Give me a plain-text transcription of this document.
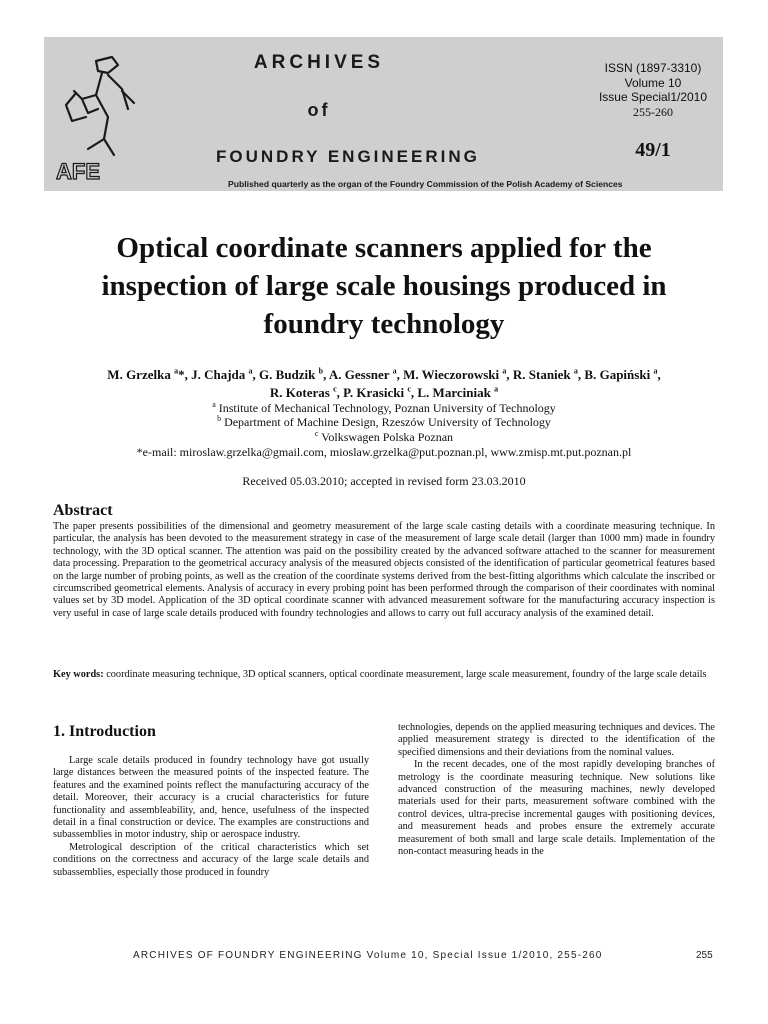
AFE
ARCHIVES
of
FOUNDRY ENGINEERING
Published quarterly as the organ of the Foundry Commission of the Polish Academy of Sciences
ISSN (1897-3310)
Volume 10
Issue Special1/2010
255-260
49/1
Optical coordinate scanners applied for the inspection of large scale housings produced in foundry technology
M. Grzelka $^a$*, J. Chajda $^a$, G. Budzik $^b$, A. Gessner $^a$, M. Wieczorowski $^a$, R. Staniek $^a$, B. Gapiński $^a$,
R. Koteras $^c$, P. Krasicki $^c$, L. Marciniak $^a$
$^a$ Institute of Mechanical Technology, Poznan University of Technology
$^b$ Department of Machine Design, Rzeszów University of Technology
$^c$ Volkswagen Polska Poznan
*e-mail: miroslaw.grzelka@gmail.com, mioslaw.grzelka@put.poznan.pl, www.zmisp.mt.put.poznan.pl
Received 05.03.2010; accepted in revised form 23.03.2010
Abstract

The paper presents possibilities of the dimensional and geometry measurement of the large scale casting details with a coordinate measuring technique. In particular, the analysis has been devoted to the measurement strategy in case of the measurement of large scale detail (larger than 1000 mm) made in foundry technology, with the 3D optical scanner. The attention was paid on the possibility created by the advanced software attached to the scanner for measurement data processing. Preparation to the geometrical accuracy analysis of the measured objects consisted of the identification of particular geometrical features based on the large number of probing points, as well as the creation of the coordinate systems derived from the best-fitting algorithms which calculate the inscribed or circumscribed geometrical elements. Analysis of accuracy in every probing point has been performed through the comparison of their coordinates with nominal values set by 3D model. Application of the 3D optical coordinate scanner with advanced measurement software for the manufacturing accuracy inspection is very useful in case of large scale details produced with foundry technologies and allows to carry out full accuracy analysis of the examined detail.

Key words: coordinate measuring technique, 3D optical scanners, optical coordinate measurement, large scale measurement, foundry of the large scale details

1. Introduction

Large scale details produced in foundry technology have got usually large distances between the measured points of the inspected feature. The features and the examined points reflect the manufacturing accuracy of the detail. Moreover, their accuracy is a crucial characteristics for future functionality and assembleability, and, hence, usefulness of the inspected detail in a final construction or device. The examples are constructions and subassemblies in motor industry, ship or aerospace industry.

Metrological description of the critical characteristics which set conditions on the correctness and accuracy of the large scale details and subassemblies, especially those produced in foundry

technologies, depends on the applied measuring techniques and devices. The applied measurement strategy is directed to the identification of the specified dimensions and their deviations from the nominal values.

In the recent decades, one of the most rapidly developing branches of metrology is the coordinate measuring technique. New solutions like advanced construction of the measuring machines, newly developed materials used for their parts, measurement software combined with the control devices, ultra-precise incremental gauges with positioning devices, and measurement heads and probes ensure the extremely accurate measurement of both small and large scale details. Implementation of the non-contact measuring heads in the

ARCHIVES OF FOUNDRY ENGINEERING Volume 10, Special Issue 1/2010, 255-260	255
